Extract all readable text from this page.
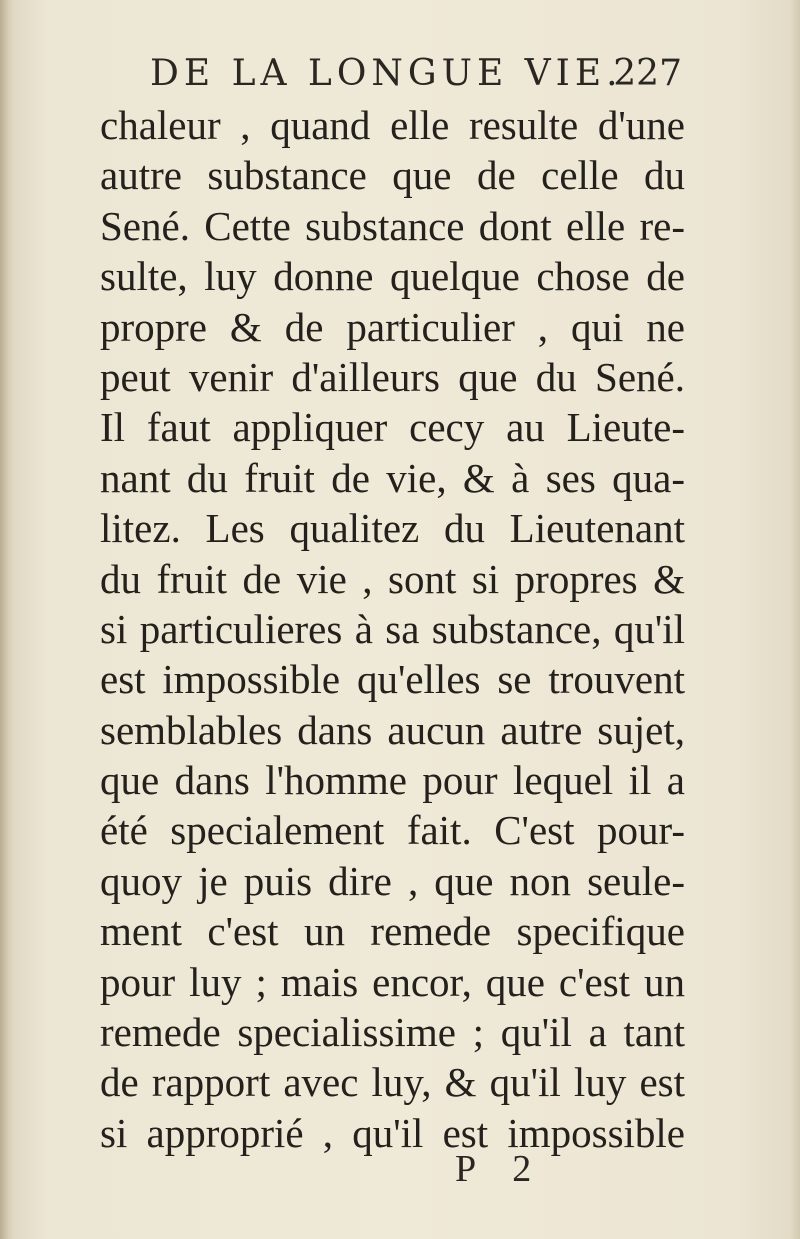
DE LA LONGUE VIE.
227
chaleur , quand elle resulte d'une
autre substance que de celle du
Sené. Cette substance dont elle re-
sulte, luy donne quelque chose de
propre & de particulier , qui ne
peut venir d'ailleurs que du Sené.
Il faut appliquer cecy au Lieute-
nant du fruit de vie, & à ses qua-
litez. Les qualitez du Lieutenant
du fruit de vie , sont si propres &
si particulieres à sa substance, qu'il
est impossible qu'elles se trouvent
semblables dans aucun autre sujet,
que dans l'homme pour lequel il a
été specialement fait. C'est pour-
quoy je puis dire , que non seule-
ment c'est un remede specifique
pour luy ; mais encor, que c'est un
remede specialissime ; qu'il a tant
de rapport avec luy, & qu'il luy est
si approprié , qu'il est impossible
P 2
